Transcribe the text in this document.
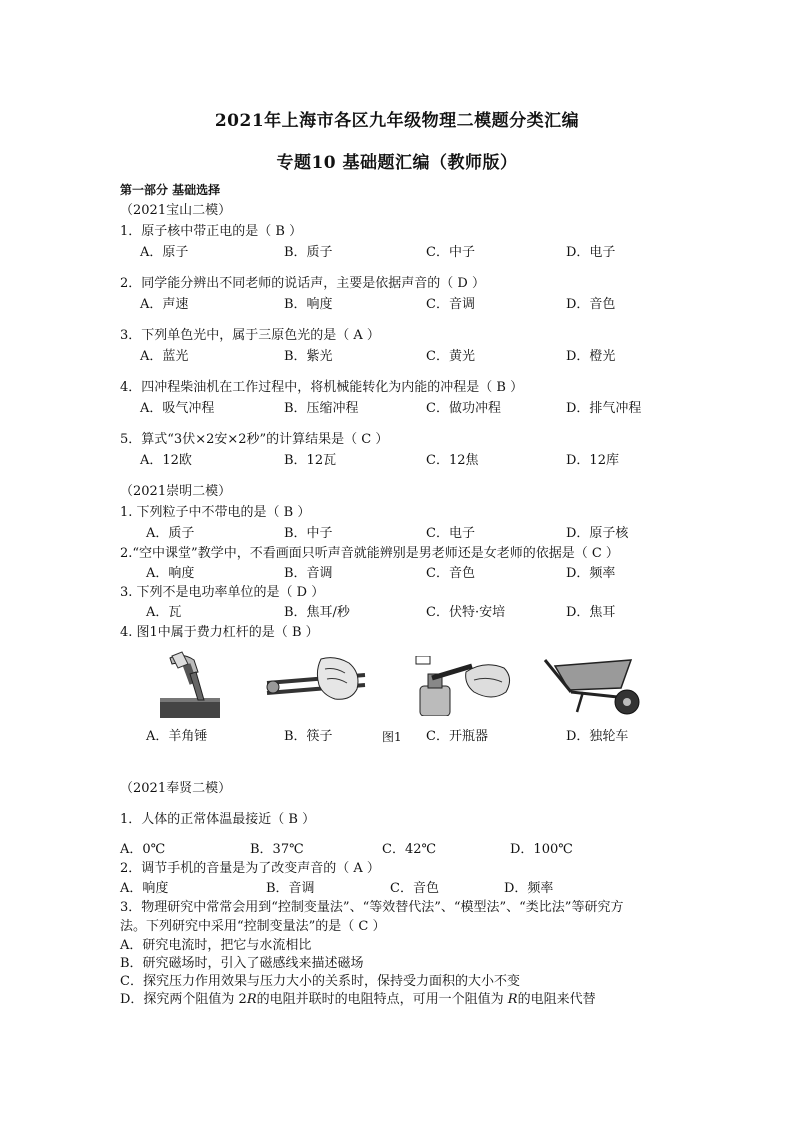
2021年上海市各区九年级物理二模题分类汇编
专题10 基础题汇编（教师版）
第一部分 基础选择
（2021宝山二模）
1．原子核中带正电的是（ B ）
A．原子	B．质子	C．中子	D．电子
2．同学能分辨出不同老师的说话声，主要是依据声音的（ D ）
A．声速	B．响度	C．音调	D．音色
3．下列单色光中，属于三原色光的是（ A ）
A．蓝光	B．紫光	C．黄光	D．橙光
4．四冲程柴油机在工作过程中，将机械能转化为内能的冲程是（ B ）
A．吸气冲程	B．压缩冲程	C．做功冲程	D．排气冲程
5．算式“3伏×2安×2秒”的计算结果是（ C ）
A．12欧	B．12瓦	C．12焦	D．12库
（2021崇明二模）
1. 下列粒子中不带电的是（ B ）
A．质子	B．中子	C．电子	D．原子核
2.“空中课堂”教学中，不看画面只听声音就能辨别是男老师还是女老师的依据是（ C ）
A．响度	B．音调	C．音色	D．频率
3. 下列不是电功率单位的是（ D ）
A．瓦	B．焦耳/秒	C．伏特·安培	D．焦耳
4. 图1中属于费力杠杆的是（ B ）
A．羊角锤	B．筷子	C．开瓶器	D．独轮车
图1
（2021奉贤二模）
1．人体的正常体温最接近（ B ）
A．0℃	B．37℃	C．42℃	D．100℃
2．调节手机的音量是为了改变声音的（ A ）
A．响度	B．音调	C．音色	D．频率
3．物理研究中常常会用到“控制变量法”、“等效替代法”、“模型法”、“类比法”等研究方
法。下列研究中采用“控制变量法”的是（ C ）
A．研究电流时，把它与水流相比
B．研究磁场时，引入了磁感线来描述磁场
C．探究压力作用效果与压力大小的关系时，保持受力面积的大小不变
D．探究两个阻值为 2R的电阻并联时的电阻特点，可用一个阻值为 R的电阻来代替
